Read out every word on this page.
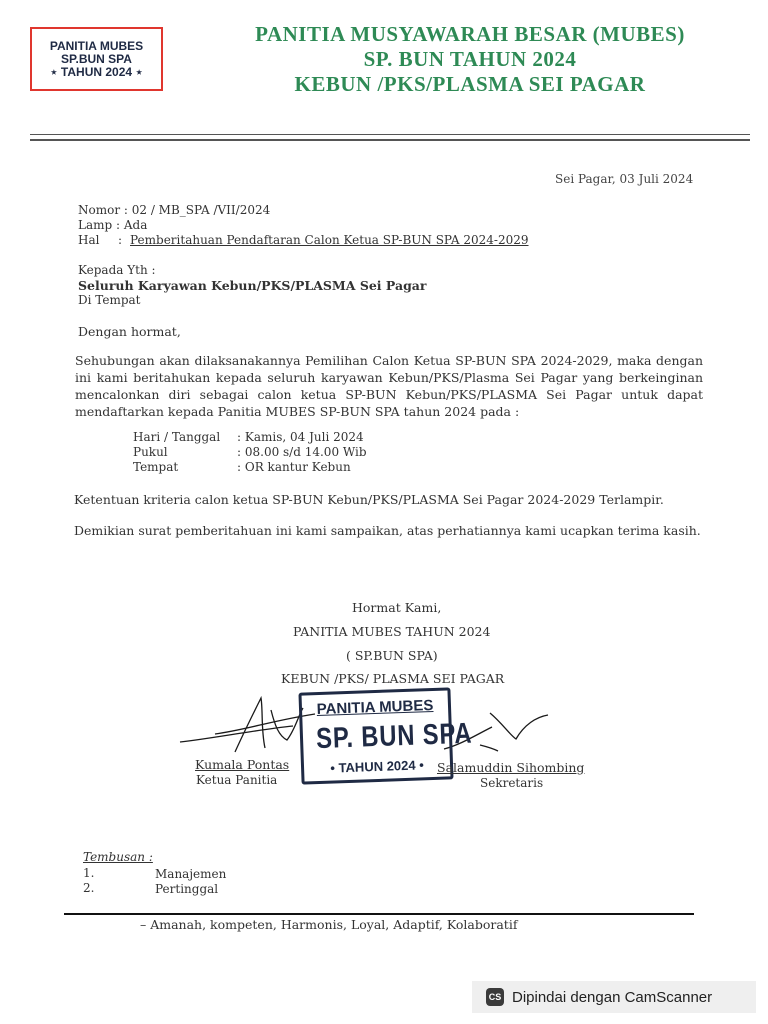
PANITIA MUBES
SP.BUN SPA
⋆ TAHUN 2024 ⋆
PANITIA MUSYAWARAH BESAR (MUBES)
SP. BUN TAHUN 2024
KEBUN /PKS/PLASMA SEI PAGAR
Sei Pagar, 03 Juli 2024
Nomor : 02 / MB_SPA /VII/2024
Lamp : Ada
Hal : Pemberitahuan Pendaftaran Calon Ketua SP-BUN SPA 2024-2029
Kepada Yth :
Seluruh Karyawan Kebun/PKS/PLASMA Sei Pagar
Di Tempat
Dengan hormat,
Sehubungan akan dilaksanakannya Pemilihan Calon Ketua SP-BUN SPA 2024-2029, maka dengan ini kami beritahukan kepada seluruh karyawan Kebun/PKS/Plasma Sei Pagar yang berkeinginan mencalonkan diri sebagai calon ketua SP-BUN Kebun/PKS/PLASMA Sei Pagar untuk dapat mendaftarkan kepada Panitia MUBES SP-BUN SPA tahun 2024 pada :
Hari / Tanggal : Kamis, 04 Juli 2024
Pukul	: 08.00 s/d 14.00 Wib
Tempat	: OR kantur Kebun
Ketentuan kriteria calon ketua SP-BUN Kebun/PKS/PLASMA Sei Pagar 2024-2029 Terlampir.
Demikian surat pemberitahuan ini kami sampaikan, atas perhatiannya kami ucapkan terima kasih.
Hormat Kami,
PANITIA MUBES TAHUN 2024
( SP.BUN SPA)
KEBUN /PKS/ PLASMA SEI PAGAR
PANITIA MUBES
SP. BUN SPA
• TAHUN 2024 •
Kumala Pontas
Ketua Panitia
Salamuddin Sihombing
Sekretaris
Tembusan :
1.	Manajemen
2.	Pertinggal
– Amanah, kompeten, Harmonis, Loyal, Adaptif, Kolaboratif
CS Dipindai dengan CamScanner
